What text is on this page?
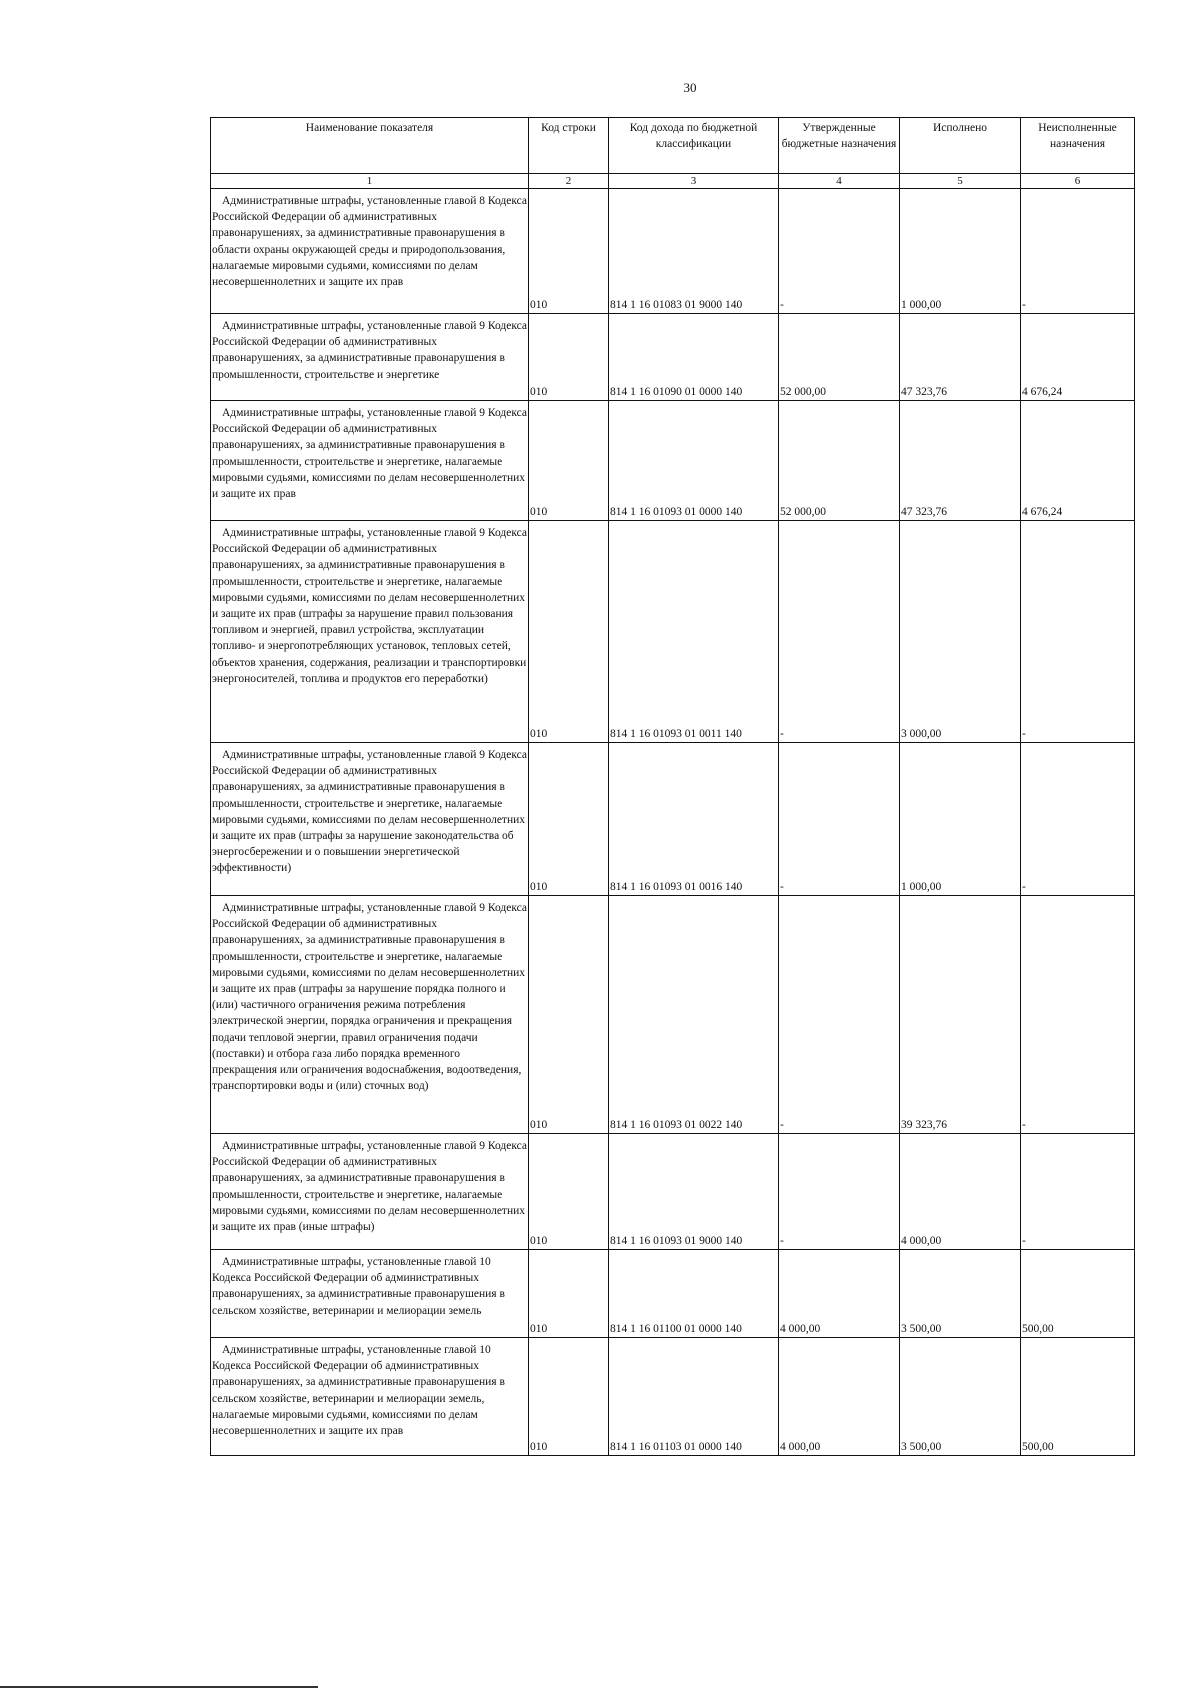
30
Наименование показателя	Код строки	Код дохода по бюджетной классификации	Утвержденные бюджетные назначения	Исполнено	Неисполненные назначения
1	2	3	4	5	6
Административные штрафы, установленные главой 8 Кодекса Российской Федерации об административных правонарушениях, за административные правонарушения в области охраны окружающей среды и природопользования, налагаемые мировыми судьями, комиссиями по делам несовершеннолетних и защите их прав	010	814 1 16 01083 01 9000 140	-	1 000,00	-
Административные штрафы, установленные главой 9 Кодекса Российской Федерации об административных правонарушениях, за административные правонарушения в промышленности, строительстве и энергетике	010	814 1 16 01090 01 0000 140	52 000,00	47 323,76	4 676,24
Административные штрафы, установленные главой 9 Кодекса Российской Федерации об административных правонарушениях, за административные правонарушения в промышленности, строительстве и энергетике, налагаемые мировыми судьями, комиссиями по делам несовершеннолетних и защите их прав	010	814 1 16 01093 01 0000 140	52 000,00	47 323,76	4 676,24
Административные штрафы, установленные главой 9 Кодекса Российской Федерации об административных правонарушениях, за административные правонарушения в промышленности, строительстве и энергетике, налагаемые мировыми судьями, комиссиями по делам несовершеннолетних и защите их прав (штрафы за нарушение правил пользования топливом и энергией, правил устройства, эксплуатации топливо- и энергопотребляющих установок, тепловых сетей, объектов хранения, содержания, реализации и транспортировки энергоносителей, топлива и продуктов его переработки)	010	814 1 16 01093 01 0011 140	-	3 000,00	-
Административные штрафы, установленные главой 9 Кодекса Российской Федерации об административных правонарушениях, за административные правонарушения в промышленности, строительстве и энергетике, налагаемые мировыми судьями, комиссиями по делам несовершеннолетних и защите их прав (штрафы за нарушение законодательства об энергосбережении и о повышении энергетической эффективности)	010	814 1 16 01093 01 0016 140	-	1 000,00	-
Административные штрафы, установленные главой 9 Кодекса Российской Федерации об административных правонарушениях, за административные правонарушения в промышленности, строительстве и энергетике, налагаемые мировыми судьями, комиссиями по делам несовершеннолетних и защите их прав (штрафы за нарушение порядка полного и (или) частичного ограничения режима потребления электрической энергии, порядка ограничения и прекращения подачи тепловой энергии, правил ограничения подачи (поставки) и отбора газа либо порядка временного прекращения или ограничения водоснабжения, водоотведения, транспортировки воды и (или) сточных вод)	010	814 1 16 01093 01 0022 140	-	39 323,76	-
Административные штрафы, установленные главой 9 Кодекса Российской Федерации об административных правонарушениях, за административные правонарушения в промышленности, строительстве и энергетике, налагаемые мировыми судьями, комиссиями по делам несовершеннолетних и защите их прав (иные штрафы)	010	814 1 16 01093 01 9000 140	-	4 000,00	-
Административные штрафы, установленные главой 10 Кодекса Российской Федерации об административных правонарушениях, за административные правонарушения в сельском хозяйстве, ветеринарии и мелиорации земель	010	814 1 16 01100 01 0000 140	4 000,00	3 500,00	500,00
Административные штрафы, установленные главой 10 Кодекса Российской Федерации об административных правонарушениях, за административные правонарушения в сельском хозяйстве, ветеринарии и мелиорации земель, налагаемые мировыми судьями, комиссиями по делам несовершеннолетних и защите их прав	010	814 1 16 01103 01 0000 140	4 000,00	3 500,00	500,00
